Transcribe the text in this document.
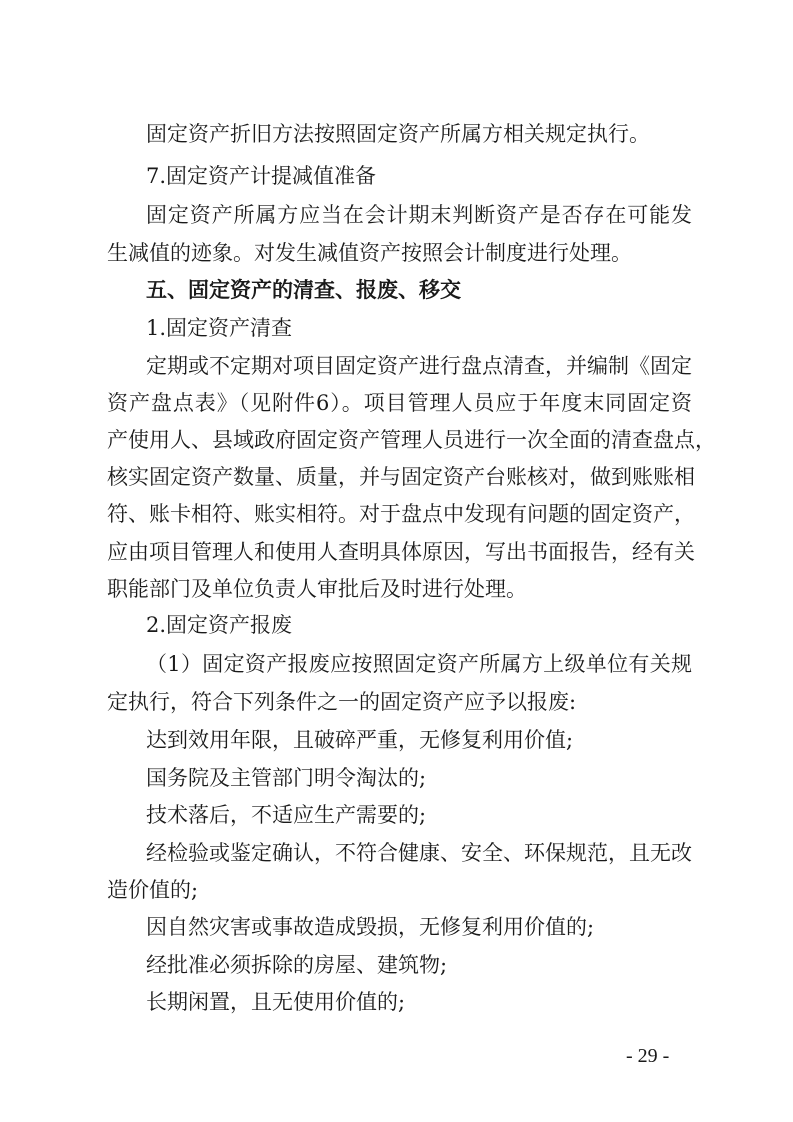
固定资产折旧方法按照固定资产所属方相关规定执行。
7.固定资产计提减值准备
固定资产所属方应当在会计期末判断资产是否存在可能发
生减值的迹象。对发生减值资产按照会计制度进行处理。
五、固定资产的清查、报废、移交
1.固定资产清查
定期或不定期对项目固定资产进行盘点清查，并编制《固定
资产盘点表》（见附件6）。项目管理人员应于年度末同固定资
产使用人、县域政府固定资产管理人员进行一次全面的清查盘点，
核实固定资产数量、质量，并与固定资产台账核对，做到账账相
符、账卡相符、账实相符。对于盘点中发现有问题的固定资产，
应由项目管理人和使用人查明具体原因，写出书面报告，经有关
职能部门及单位负责人审批后及时进行处理。
2.固定资产报废
（1）固定资产报废应按照固定资产所属方上级单位有关规
定执行，符合下列条件之一的固定资产应予以报废:
达到效用年限，且破碎严重，无修复利用价值;
国务院及主管部门明令淘汰的;
技术落后，不适应生产需要的;
经检验或鉴定确认，不符合健康、安全、环保规范，且无改
造价值的;
因自然灾害或事故造成毁损，无修复利用价值的;
经批准必须拆除的房屋、建筑物;
长期闲置，且无使用价值的;
- 29 -
